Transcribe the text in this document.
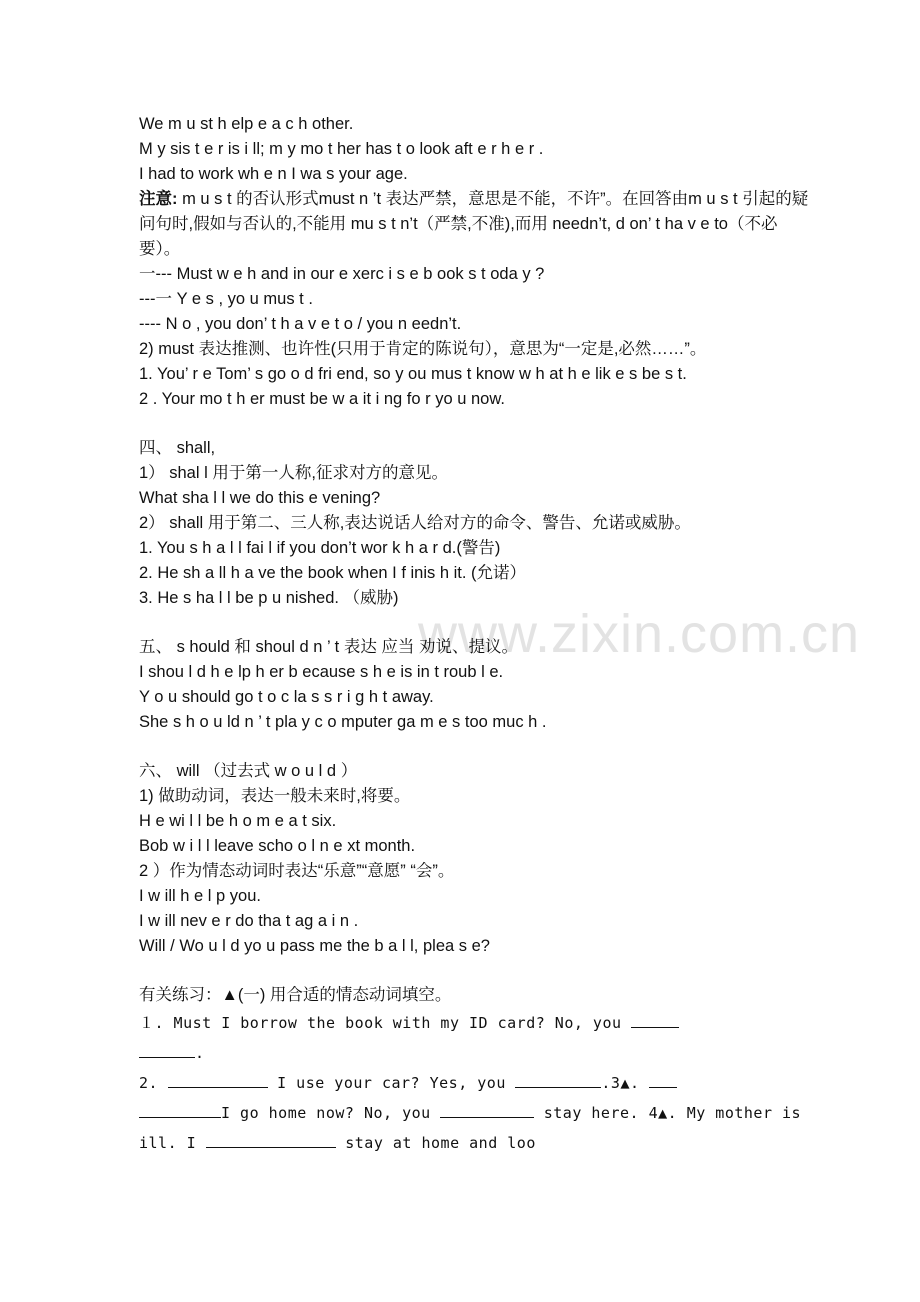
www.zixin.com.cn
We m u st h elp e a c h other.
M y sis t e r is i ll; m y mo t her has t o look aft e r h e r .
I had to work wh e n I wa s your age.
注意: m u s t 的否认形式must n ’t 表达严禁，意思是不能，不许”。在回答由m u s t 引起的疑问句时,假如与否认的,不能用 mu s t n’t（严禁,不准),而用 needn’t, d on’ t ha v e to（不必要）。
一--- Must w e h and in our e xerc i s e b ook s t oda y ?
---一 Y e s , yo u mus t .
---- N o , you don’ t h a v e t o / you n eedn’t.
2) must 表达推测、也许性(只用于肯定的陈说句），意思为“一定是,必然……”。
1. You’ r e Tom’ s go o d fri end, so y ou mus t know w h at h e lik e s be s t.
2 . Your mo t h er must be w a it i ng fo r yo u now.
四、 shall,
1） shal l 用于第一人称,征求对方的意见。
What sha l l we do this e vening?
2） shall 用于第二、三人称,表达说话人给对方的命令、警告、允诺或威胁。
1. You s h a l l fai l if you don’t wor k h a r d.(警告)
2. He sh a ll h a ve the book when I f inis h it. (允诺）
3. He s ha l l be p u nished. （威胁)
五、 s hould 和 shoul d n ’ t 表达 应当 劝说、提议。
I shou l d h e lp h er b ecause s h e is in t roub l e.
Y o u should go t o c la s s r i g h t away.
She s h o u ld n ’ t pla y c o mputer ga m e s too muc h .
六、 will （过去式 w o u l d ）
1) 做助动词，表达一般未来时,将要。
H e wi l l be h o m e a t six.
Bob w i l l leave scho o l n e xt month.
2 ）作为情态动词时表达“乐意”“意愿” “会”。
I w ill h e l p you.
I w ill nev e r do tha t ag a i n .
Will / Wo u l d yo u pass me the b a l l, plea s e?
有关练习：▲(一) 用合适的情态动词填空。
１. Must I borrow the book with my ID card? No, you
.
2.	I use your car? Yes, you	.3▲.
I go home now? No, you	stay here. 4▲. My mother is ill. I	stay at home and loo
